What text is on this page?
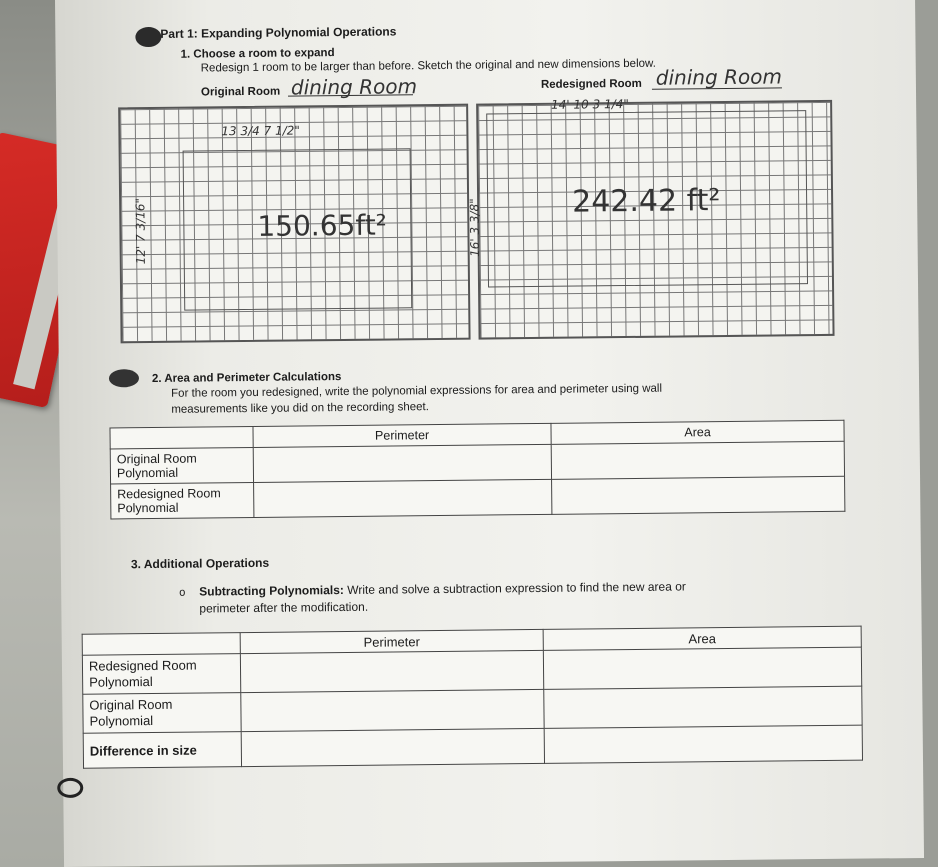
Part 1: Expanding Polynomial Operations
1. Choose a room to expand
Redesign 1 room to be larger than before. Sketch the original and new dimensions below.
Original Room dining Room	Redesigned Room dining Room
13 3/4 7 1/2"
12' 7 3/16"	150.65ft²
14' 10 3 1/4"
16' 3 3/8"	242.42 ft²
2. Area and Perimeter Calculations
For the room you redesigned, write the polynomial expressions for area and perimeter using wall
measurements like you did on the recording sheet.
	Perimeter	Area

Original Room
Polynomial		

Redesigned Room
Polynomial		

3. Additional Operations
o Subtracting Polynomials: Write and solve a subtraction expression to find the new area or
perimeter after the modification.
	Perimeter	Area

Redesigned Room
Polynomial		

Original Room
Polynomial		

Difference in size		
